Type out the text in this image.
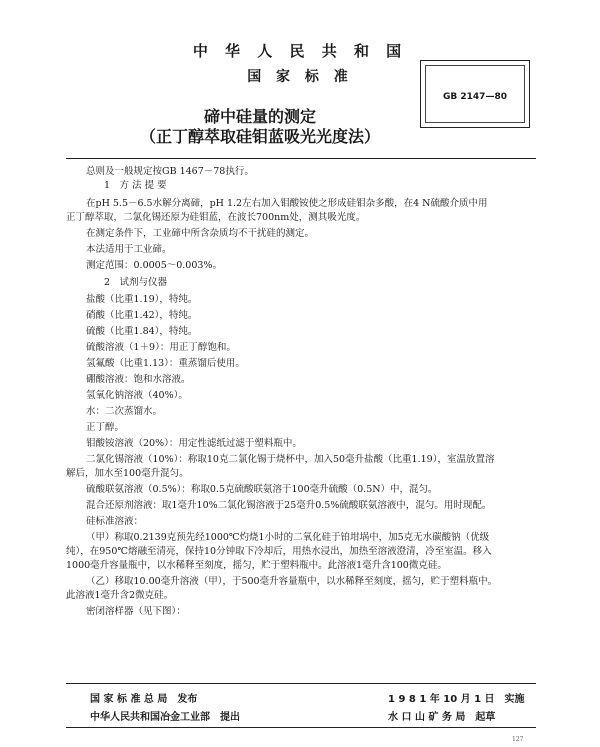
中 华 人 民 共 和 国
国 家 标 准
碲中硅量的测定
（正丁醇萃取硅钼蓝吸光光度法）
GB 2147—80
总则及一般规定按GB 1467－78执行。
1　方 法 提 要
在pH 5.5－6.5水解分离碲，pH 1.2左右加入钼酸铵使之形成硅钼杂多酸，在4 N硫酸介质中用
正丁醇萃取，二氯化锡还原为硅钼蓝，在波长700nm处，测其吸光度。
在测定条件下，工业碲中所含杂质均不干扰硅的测定。
本法适用于工业碲。
测定范围：0.0005～0.003%。
2　试剂与仪器
盐酸（比重1.19），特纯。
硝酸（比重1.42），特纯。
硫酸（比重1.84），特纯。
硫酸溶液（1＋9）：用正丁醇饱和。
氢氟酸（比重1.13）：重蒸馏后使用。
硼酸溶液：饱和水溶液。
氢氧化钠溶液（40%）。
水：二次蒸馏水。
正丁醇。
钼酸铵溶液（20%）：用定性滤纸过滤于塑料瓶中。
二氯化锡溶液（10%）：称取10克二氯化锡于烧杯中，加入50毫升盐酸（比重1.19），室温放置溶
解后，加水至100毫升混匀。
硫酸联氨溶液（0.5%）：称取0.5克硫酸联氨溶于100毫升硫酸（0.5N）中，混匀。
混合还原剂溶液：取1毫升10%二氯化锡溶液于25毫升0.5%硫酸联氨溶液中，混匀。用时现配。
硅标准溶液：
（甲）称取0.2139克预先经1000℃灼烧1小时的二氧化硅于铂坩埚中，加5克无水碳酸钠（优级
纯），在950℃熔融至清亮，保持10分钟取下冷却后，用热水浸出，加热至溶液澄清，冷至室温。移入
1000毫升容量瓶中，以水稀释至刻度，摇匀，贮于塑料瓶中。此溶液1毫升含100微克硅。
（乙）移取10.00毫升溶液（甲），于500毫升容量瓶中，以水稀释至刻度，摇匀，贮于塑料瓶中。
此溶液1毫升含2微克硅。
密闭溶样器（见下图）：
国 家 标 准 总 局　发布	1 9 8 1 年 10 月 1 日　实施
中华人民共和国冶金工业部　提出	水 口 山 矿 务 局　起草
127
